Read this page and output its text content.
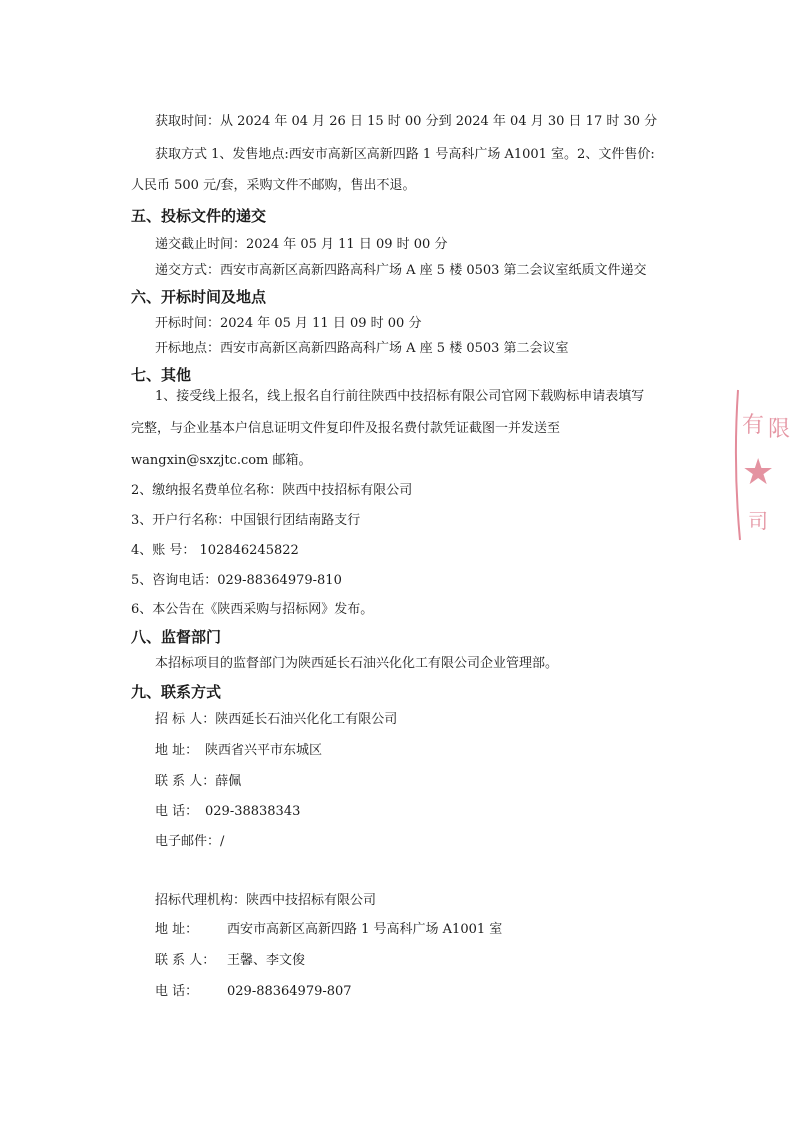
获取时间：从 2024 年 04 月 26 日 15 时 00 分到 2024 年 04 月 30 日 17 时 30 分
获取方式 1、发售地点:西安市高新区高新四路 1 号高科广场 A1001 室。2、文件售价:
人民币 500 元/套，采购文件不邮购，售出不退。
五、投标文件的递交
递交截止时间：2024 年 05 月 11 日 09 时 00 分
递交方式：西安市高新区高新四路高科广场 A 座 5 楼 0503 第二会议室纸质文件递交
六、开标时间及地点
开标时间：2024 年 05 月 11 日 09 时 00 分
开标地点：西安市高新区高新四路高科广场 A 座 5 楼 0503 第二会议室
七、其他
1、接受线上报名，线上报名自行前往陕西中技招标有限公司官网下载购标申请表填写
完整，与企业基本户信息证明文件复印件及报名费付款凭证截图一并发送至
wangxin@sxzjtc.com 邮箱。
2、缴纳报名费单位名称：陕西中技招标有限公司
3、开户行名称：中国银行团结南路支行
4、账 号： 102846245822
5、咨询电话：029-88364979-810
6、本公告在《陕西采购与招标网》发布。
八、监督部门
本招标项目的监督部门为陕西延长石油兴化化工有限公司企业管理部。
九、联系方式
招 标 人：陕西延长石油兴化化工有限公司
地 址： 陕西省兴平市东城区
联 系 人：薛佩
电 话： 029-38838343
电子邮件：/
招标代理机构：陕西中技招标有限公司
地 址： 西安市高新区高新四路 1 号高科广场 A1001 室
联 系 人： 王馨、李文俊
电 话： 029-88364979-807
有 限
★
司
